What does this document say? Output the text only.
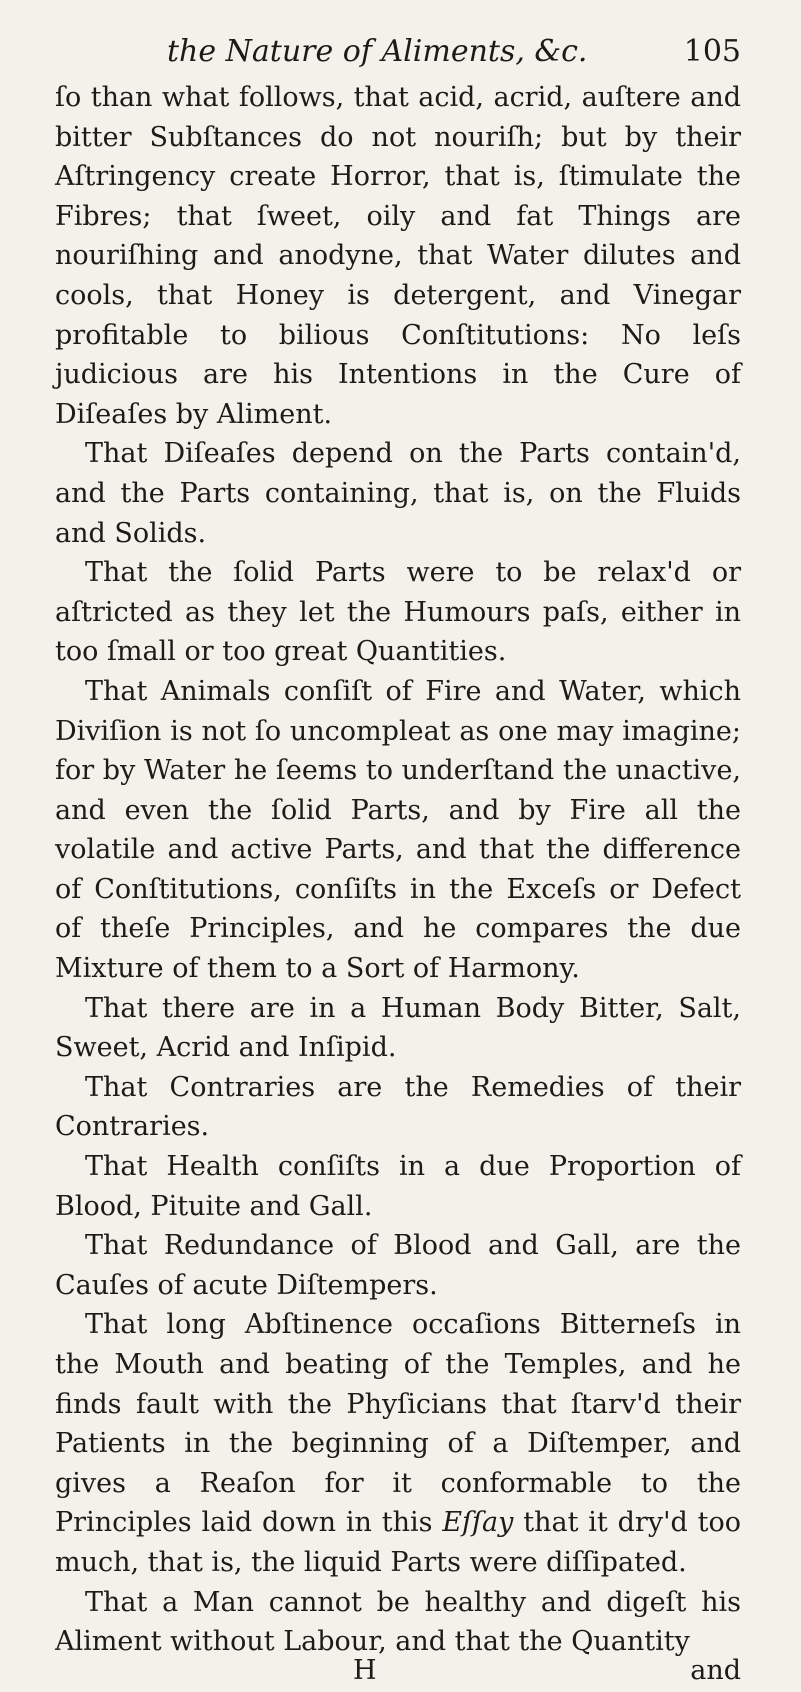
the Nature of Aliments, &c.	105

ſo than what follows, that acid, acrid, auſtere and bitter Subſtances do not nouriſh; but by their Aſtringency create Horror, that is, ſtimulate the Fibres; that ſweet, oily and fat Things are nouriſhing and anodyne, that Water dilutes and cools, that Honey is detergent, and Vinegar profitable to bilious Conſtitutions: No leſs judicious are his Intentions in the Cure of Diſeaſes by Aliment.

That Diſeaſes depend on the Parts contain'd, and the Parts containing, that is, on the Fluids and Solids.

That the ſolid Parts were to be relax'd or aſtricted as they let the Humours paſs, either in too ſmall or too great Quantities.

That Animals conſiſt of Fire and Water, which Diviſion is not ſo uncompleat as one may imagine; for by Water he ſeems to underſtand the unactive, and even the ſolid Parts, and by Fire all the volatile and active Parts, and that the difference of Conſtitutions, conſiſts in the Exceſs or Defect of theſe Principles, and he compares the due Mixture of them to a Sort of Harmony.

That there are in a Human Body Bitter, Salt, Sweet, Acrid and Inſipid.

That Contraries are the Remedies of their Contraries.

That Health conſiſts in a due Proportion of Blood, Pituite and Gall.

That Redundance of Blood and Gall, are the Cauſes of acute Diſtempers.

That long Abſtinence occaſions Bitterneſs in the Mouth and beating of the Temples, and he finds fault with the Phyſicians that ſtarv'd their Patients in the beginning of a Diſtemper, and gives a Reaſon for it conformable to the Principles laid down in this Eſſay that it dry'd too much, that is, the liquid Parts were diſſipated.

That a Man cannot be healthy and digeſt his Aliment without Labour, and that the Quantity

H	and
